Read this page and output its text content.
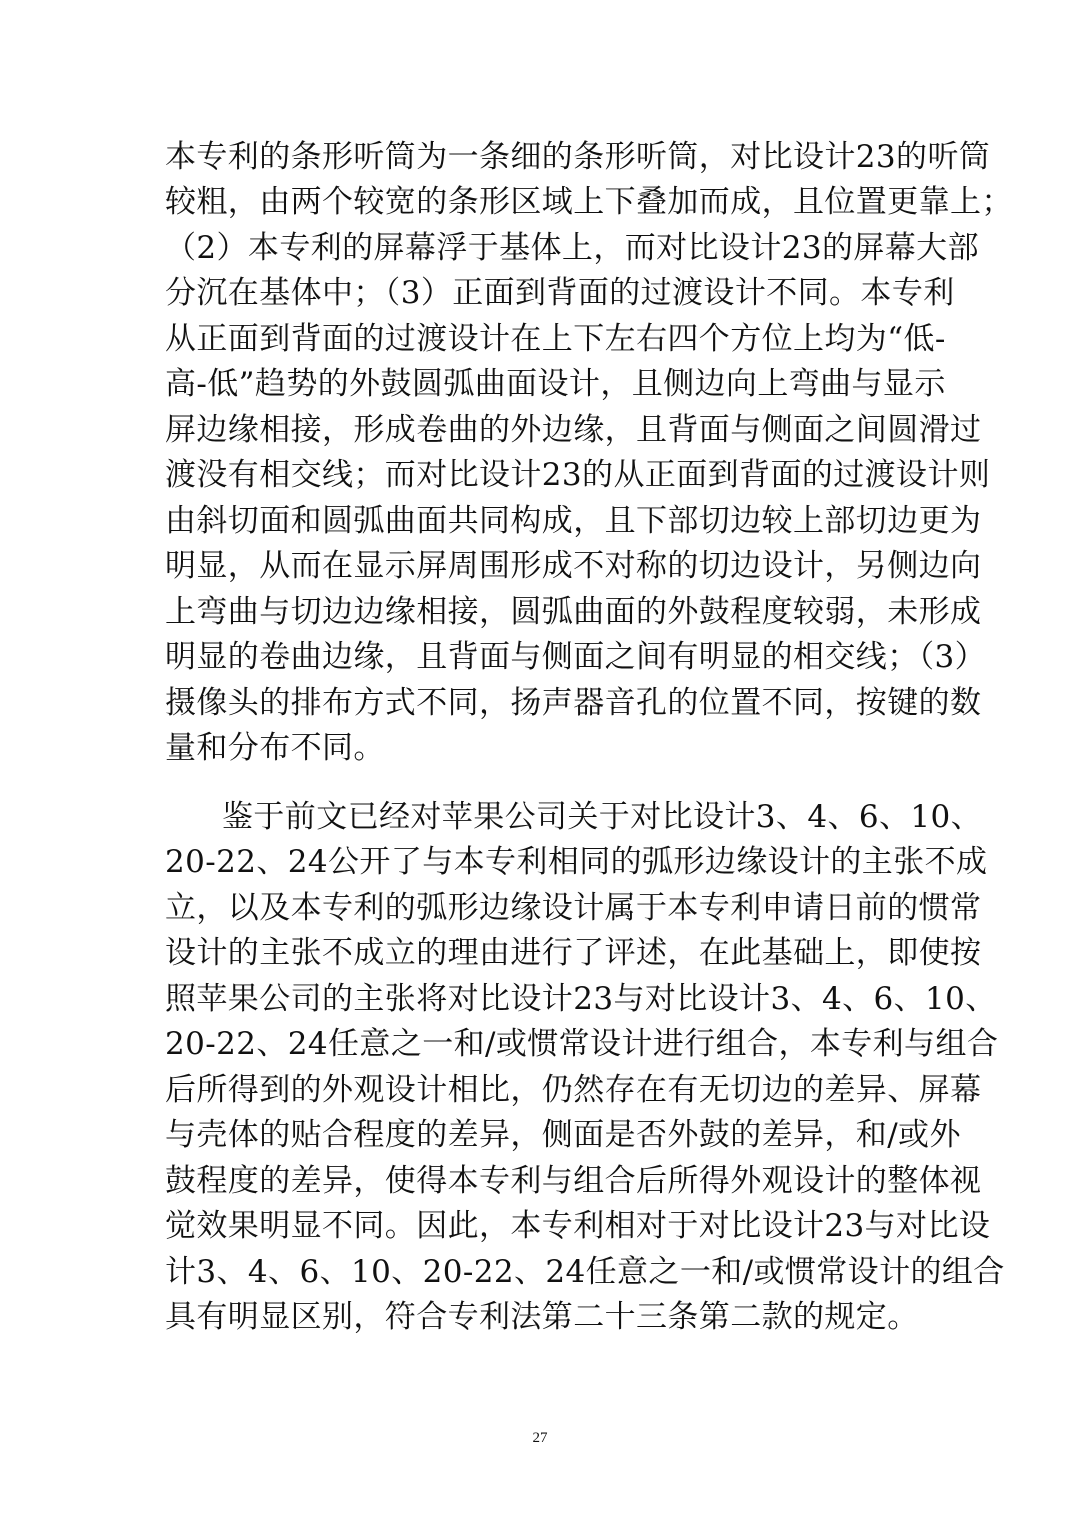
本专利的条形听筒为一条细的条形听筒，对比设计23的听筒
较粗，由两个较宽的条形区域上下叠加而成，且位置更靠上；
（2）本专利的屏幕浮于基体上，而对比设计23的屏幕大部
分沉在基体中；（3）正面到背面的过渡设计不同。本专利
从正面到背面的过渡设计在上下左右四个方位上均为“低-
高-低”趋势的外鼓圆弧曲面设计，且侧边向上弯曲与显示
屏边缘相接，形成卷曲的外边缘，且背面与侧面之间圆滑过
渡没有相交线；而对比设计23的从正面到背面的过渡设计则
由斜切面和圆弧曲面共同构成，且下部切边较上部切边更为
明显，从而在显示屏周围形成不对称的切边设计，另侧边向
上弯曲与切边边缘相接，圆弧曲面的外鼓程度较弱，未形成
明显的卷曲边缘，且背面与侧面之间有明显的相交线；（3）
摄像头的排布方式不同，扬声器音孔的位置不同，按键的数
量和分布不同。
鉴于前文已经对苹果公司关于对比设计3、4、6、10、
20-22、24公开了与本专利相同的弧形边缘设计的主张不成
立，以及本专利的弧形边缘设计属于本专利申请日前的惯常
设计的主张不成立的理由进行了评述，在此基础上，即使按
照苹果公司的主张将对比设计23与对比设计3、4、6、10、
20-22、24任意之一和/或惯常设计进行组合，本专利与组合
后所得到的外观设计相比，仍然存在有无切边的差异、屏幕
与壳体的贴合程度的差异，侧面是否外鼓的差异，和/或外
鼓程度的差异，使得本专利与组合后所得外观设计的整体视
觉效果明显不同。因此，本专利相对于对比设计23与对比设
计3、4、6、10、20-22、24任意之一和/或惯常设计的组合
具有明显区别，符合专利法第二十三条第二款的规定。
27
